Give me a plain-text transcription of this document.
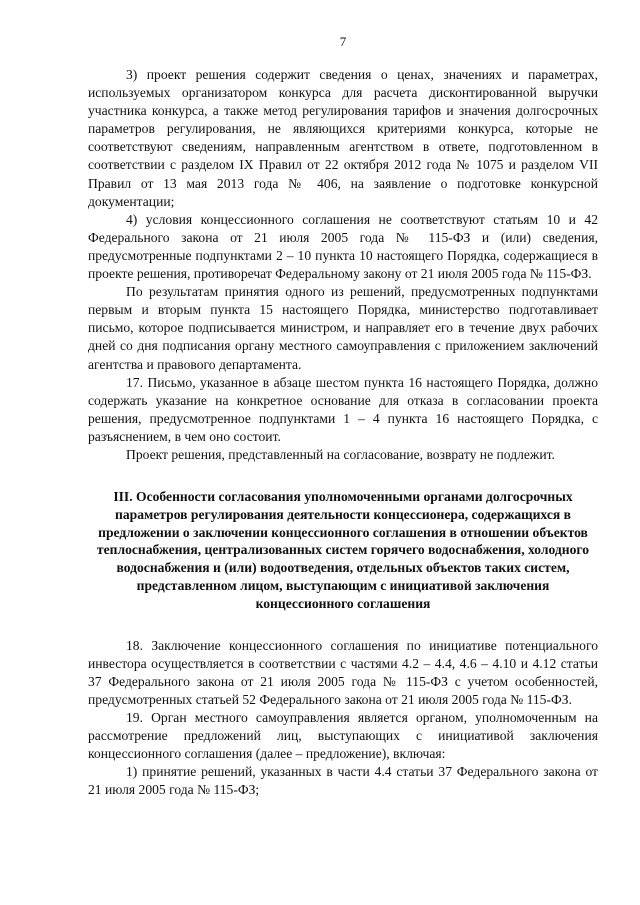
7

3) проект решения содержит сведения о ценах, значениях и параметрах, используемых организатором конкурса для расчета дисконтированной выручки участника конкурса, а также метод регулирования тарифов и значения долгосрочных параметров регулирования, не являющихся критериями конкурса, которые не соответствуют сведениям, направленным агентством в ответе, подготовленном в соответствии с разделом IX Правил от 22 октября 2012 года № 1075 и разделом VII Правил от 13 мая 2013 года № 406, на заявление о подготовке конкурсной документации;

4) условия концессионного соглашения не соответствуют статьям 10 и 42 Федерального закона от 21 июля 2005 года № 115-ФЗ и (или) сведения, предусмотренные подпунктами 2 – 10 пункта 10 настоящего Порядка, содержащиеся в проекте решения, противоречат Федеральному закону от 21 июля 2005 года № 115-ФЗ.

По результатам принятия одного из решений, предусмотренных подпунктами первым и вторым пункта 15 настоящего Порядка, министерство подготавливает письмо, которое подписывается министром, и направляет его в течение двух рабочих дней со дня подписания органу местного самоуправления с приложением заключений агентства и правового департамента.

17. Письмо, указанное в абзаце шестом пункта 16 настоящего Порядка, должно содержать указание на конкретное основание для отказа в согласовании проекта решения, предусмотренное подпунктами 1 – 4 пункта 16 настоящего Порядка, с разъяснением, в чем оно состоит.

Проект решения, представленный на согласование, возврату не подлежит.

III. Особенности согласования уполномоченными органами долгосрочных параметров регулирования деятельности концессионера, содержащихся в предложении о заключении концессионного соглашения в отношении объектов теплоснабжения, централизованных систем горячего водоснабжения, холодного водоснабжения и (или) водоотведения, отдельных объектов таких систем, представленном лицом, выступающим с инициативой заключения концессионного соглашения

18. Заключение концессионного соглашения по инициативе потенциального инвестора осуществляется в соответствии с частями 4.2 – 4.4, 4.6 – 4.10 и 4.12 статьи 37 Федерального закона от 21 июля 2005 года № 115-ФЗ с учетом особенностей, предусмотренных статьей 52 Федерального закона от 21 июля 2005 года № 115-ФЗ.

19. Орган местного самоуправления является органом, уполномоченным на рассмотрение предложений лиц, выступающих с инициативой заключения концессионного соглашения (далее – предложение), включая:

1) принятие решений, указанных в части 4.4 статьи 37 Федерального закона от 21 июля 2005 года № 115-ФЗ;
